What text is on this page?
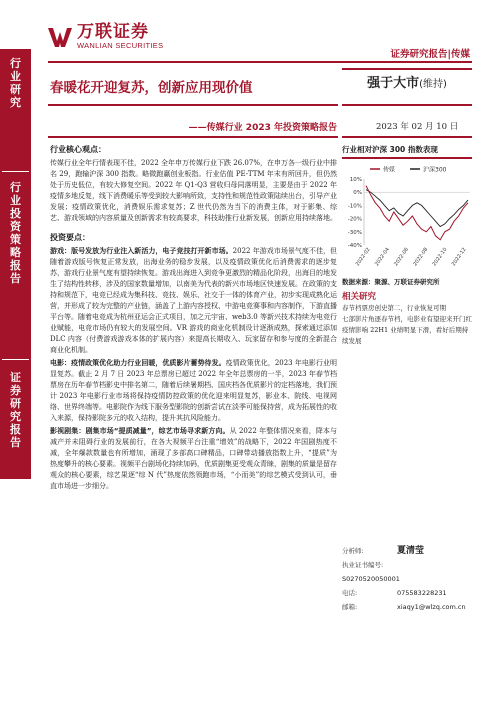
万联证券
WANLIAN SECURITIES
证券研究报告|传媒
行
业
研
究
行
业
投
资
策
略
报
告
证
券
研
究
报
告
春暖花开迎复苏，创新应用现价值
——传媒行业 2023 年投资策略报告
强于大市(维持)
2023 年 02 月 10 日
行业核心观点：
传媒行业全年行情表现不佳，2022 全年申万传媒行业下跌 26.07%，在申万各一级行业中排名 29，跑输沪深 300 指数。略微跑赢创业板指。行业估值 PE-TTM 年末有所回升，但仍然处于历史低位，有较大修复空间。2022 年 Q1-Q3 营收归母同落明显，主要是由于 2022 年疫情多地反复，线下消费暖乐等受到较大影响所致，支持性和规范性政策陆续出台，引导产业发展；疫情政策优化，消费娱乐需求复苏；Z 世代仍然为当下的消费主体，对于影集、综艺、游戏领域的内容质量及创新需求有较高要求，科技助推行业新发展，创新应用持续落地。
投资要点：
游戏：版号发放为行业注入新活力，电子竞技打开新市场。2022 年游戏市场景气度不佳，但随着游戏版号恢复正常发放，出海业务的稳步发展，以及疫情政策优化后消费需求的逐步复苏，游戏行业景气度有望持续恢复。游戏出海进入到竞争更激烈的精品化阶段，出海目的地发生了结构性转移，涉及的国家数量增加，以南美为代表的新兴市场地区快速发展。在政策的支持和规范下，电竞已经成为集科技、竞技、娱乐、社交于一体的体育产业，初步实现成熟化运营，并形成了较为完整的产业链，涵盖了上游内容授权、中游电竞赛事和内容制作，下游直播平台等。随着电竞成为杭州亚运会正式项目，加之元宇宙、web3.0 等新兴技术持续为电竞行业赋能，电竞市场仍有较大的发展空间。VR 游戏的商业化机制设计逐渐成熟，探索通过添加 DLC 内容（付费游戏游戏本体的扩展内容）来提高长期收入、玩家留存和参与度的全新混合商业化机制。
电影：疫情政策优化助力行业回暖，优质影片蓄势待发。疫情政策优化，2023 年电影行业明显复苏。截止 2 月 7 日 2023 年总票房已超过 2022 年全年总票房的一半，2023 年春节档票房在历年春节档影史中排名第二，随着后续暑期档、国庆档各优质影片的定档落地，我们预计 2023 年电影行业市场将保持疫情防控政策的优化迎来明显复苏，影业本、院线、电视网络、世界终端等。电影院作为线下服务型影院的创新尝试在淡季可能保持营，成为拓展性的收入来源，保持影院多元的收入结构，提升其抗风险能力。
影视剧集：剧集市场“提质减量”，综艺市场寻求新方向。从 2022 年整体情况来看，降本与减产并未阻碍行业的发展前行，在各大视频平台注重“增效”的战略下，2022 年国剧热度不减，全年爆款数量也有所增加，涌现了多部高口碑精品，口碑带动播放指数上升，“提质”为热度攀升的核心要素。视频平台剧场化持续加码，优质剧集更受观众青睐，剧集的质量是留存观众的核心要素，综艺果逐“综 N 代”热度依然领跑市场，“小而美”的综艺模式受到认可，垂直市场进一步细分。
行业相对沪深 300 指数表现
传媒	沪深300
10%
0%
-10%
-20%
-30%
-40%
2022-02 2022-04 2022-06 2022-08 2022-10 2022-12
数据来源：聚源、万联证券研究所
相关研究
春节档票房创史第二，行业恢复可期
七部影片角逐春节档，电影业有望迎来开门红
疫情影响 22H1 业绩明显下滑，看好后期持续发展
分析师:	夏清莹
执业证书编号:
S0270520050001
电话:	075583228231
邮箱:	xiaqy1@wlzq.com.cn
